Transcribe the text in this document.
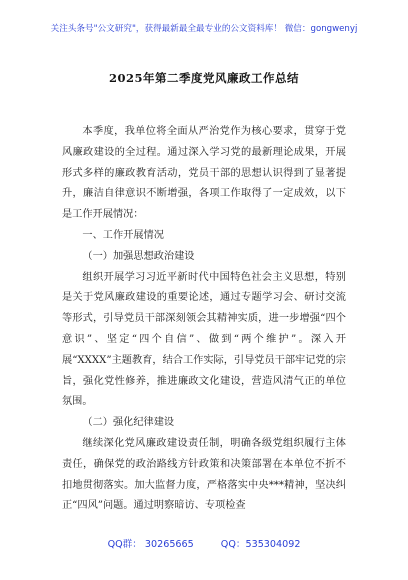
关注头条号"公文研究"，获得最新最全最专业的公文资料库！ 微信：gongwenyj
2025年第二季度党风廉政工作总结

本季度，我单位将全面从严治党作为核心要求，贯穿于党风廉政建设的全过程。通过深入学习党的最新理论成果，开展形式多样的廉政教育活动，党员干部的思想认识得到了显著提升，廉洁自律意识不断增强，各项工作取得了一定成效，以下是工作开展情况：

一、工作开展情况

（一）加强思想政治建设

组织开展学习习近平新时代中国特色社会主义思想，特别是关于党风廉政建设的重要论述，通过专题学习会、研讨交流等形式，引导党员干部深刻领会其精神实质，进一步增强“四个意识”、坚定“四个自信”、做到“两个维护”。深入开展“XXXX”主题教育，结合工作实际，引导党员干部牢记党的宗旨，强化党性修养，推进廉政文化建设，营造风清气正的单位氛围。

（二）强化纪律建设

继续深化党风廉政建设责任制，明确各级党组织履行主体责任，确保党的政治路线方针政策和决策部署在本单位不折不扣地贯彻落实。加大监督力度，严格落实中央***精神，坚决纠正“四风”问题。通过明察暗访、专项检查

QQ群： 30265665	QQ：535304092
